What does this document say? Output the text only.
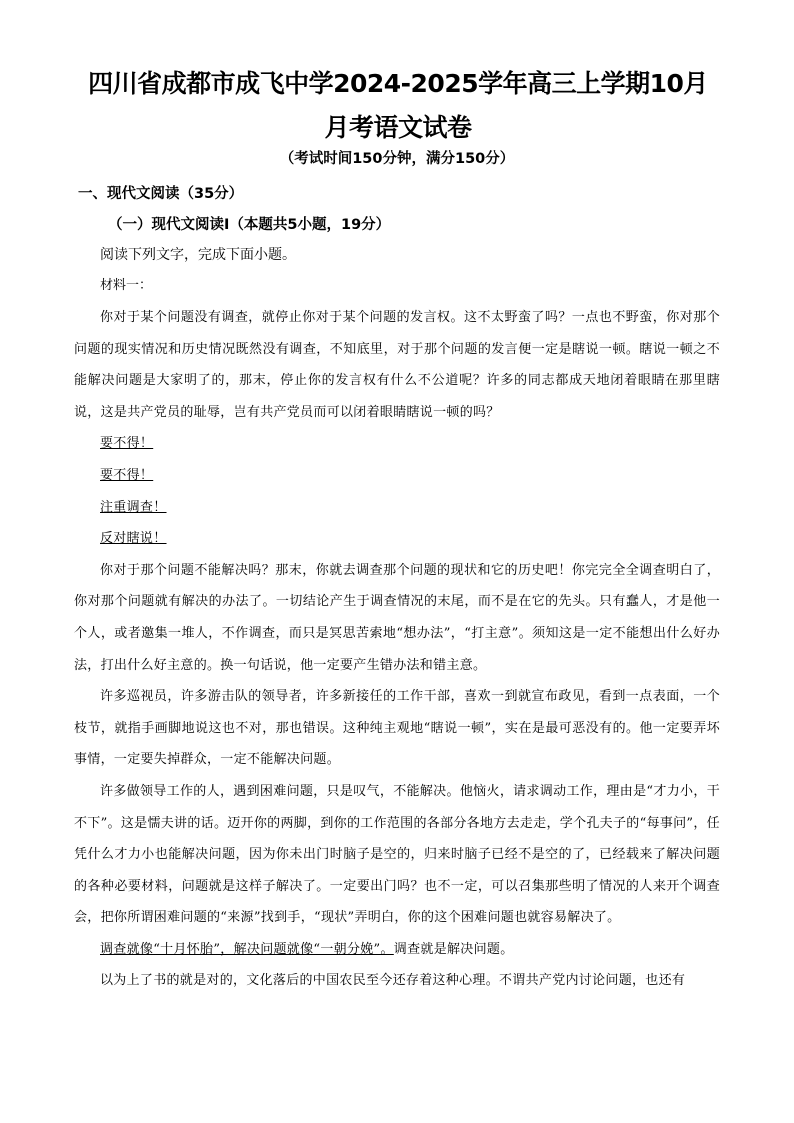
四川省成都市成飞中学2024-2025学年高三上学期10月月考语文试卷
（考试时间150分钟，满分150分）
一、现代文阅读（35分）
（一）现代文阅读Ⅰ（本题共5小题，19分）
阅读下列文字，完成下面小题。
材料一：

你对于某个问题没有调查，就停止你对于某个问题的发言权。这不太野蛮了吗？一点也不野蛮，你对那个问题的现实情况和历史情况既然没有调查，不知底里，对于那个问题的发言便一定是瞎说一顿。瞎说一顿之不能解决问题是大家明了的，那末，停止你的发言权有什么不公道呢？许多的同志都成天地闭着眼睛在那里瞎说，这是共产党员的耻辱，岂有共产党员而可以闭着眼睛瞎说一顿的吗？

要不得！

要不得！

注重调查！

反对瞎说！

你对于那个问题不能解决吗？那末，你就去调查那个问题的现状和它的历史吧！你完完全全调查明白了，你对那个问题就有解决的办法了。一切结论产生于调查情况的末尾，而不是在它的先头。只有蠢人，才是他一个人，或者邀集一堆人，不作调查，而只是冥思苦索地“想办法”，“打主意”。须知这是一定不能想出什么好办法，打出什么好主意的。换一句话说，他一定要产生错办法和错主意。

许多巡视员，许多游击队的领导者，许多新接任的工作干部，喜欢一到就宣布政见，看到一点表面，一个枝节，就指手画脚地说这也不对，那也错误。这种纯主观地“瞎说一顿”，实在是最可恶没有的。他一定要弄坏事情，一定要失掉群众，一定不能解决问题。

许多做领导工作的人，遇到困难问题，只是叹气，不能解决。他恼火，请求调动工作，理由是“才力小，干不下”。这是懦夫讲的话。迈开你的两脚，到你的工作范围的各部分各地方去走走，学个孔夫子的“每事问”，任凭什么才力小也能解决问题，因为你未出门时脑子是空的，归来时脑子已经不是空的了，已经载来了解决问题的各种必要材料，问题就是这样子解决了。一定要出门吗？也不一定，可以召集那些明了情况的人来开个调查会，把你所谓困难问题的“来源”找到手，“现状”弄明白，你的这个困难问题也就容易解决了。

调查就像“十月怀胎”，解决问题就像“一朝分娩”。调查就是解决问题。

以为上了书的就是对的，文化落后的中国农民至今还存着这种心理。不谓共产党内讨论问题，也还有
